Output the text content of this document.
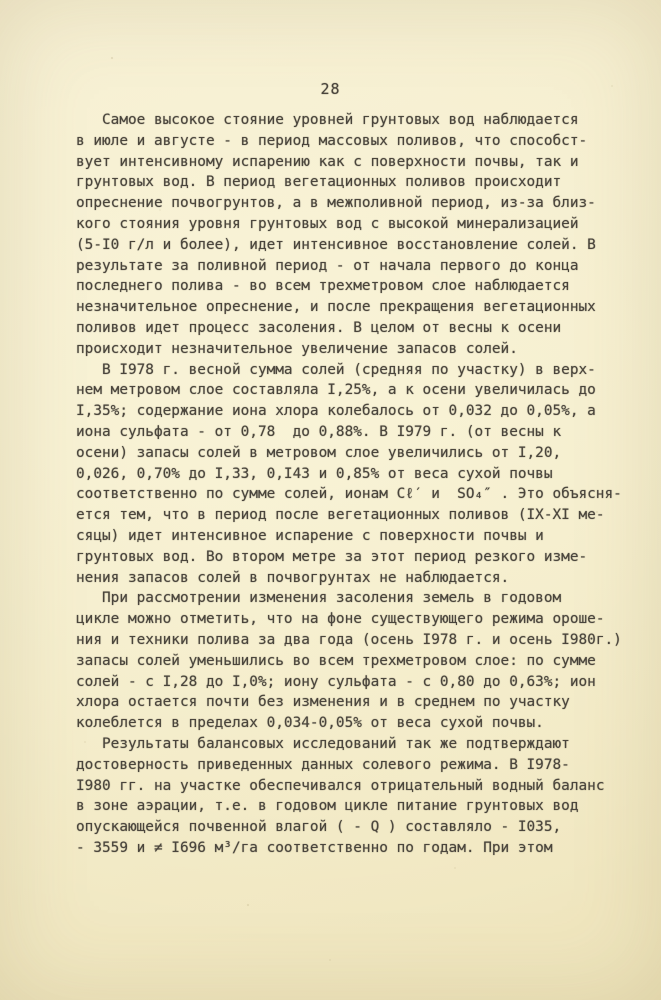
28
Самое высокое стояние уровней грунтовых вод наблюдается
в июле и августе - в период массовых поливов, что способст-
вует интенсивному испарению как с поверхности почвы, так и
грунтовых вод. В период вегетационных поливов происходит
опреснение почвогрунтов, а в межполивной период, из-за близ-
кого стояния уровня грунтовых вод с высокой минерализацией
(5-I0 г/л и более), идет интенсивное восстановление солей. В
результате за поливной период - от начала первого до конца
последнего полива - во всем трехметровом слое наблюдается
незначительное опреснение, и после прекращения вегетационных
поливов идет процесс засоления. В целом от весны к осени
происходит незначительное увеличение запасов солей.
В I978 г. весной сумма солей (средняя по участку) в верх-
нем метровом слое составляла I,25%, а к осени увеличилась до
I,35%; содержание иона хлора колебалось от 0,032 до 0,05%, а
иона сульфата - от 0,78  до 0,88%. В I979 г. (от весны к
осени) запасы солей в метровом слое увеличились от I,20,
0,026, 0,70% до I,33, 0,I43 и 0,85% от веса сухой почвы
соответственно по сумме солей, ионам Cℓ′ и  SO₄″ . Это объясня-
ется тем, что в период после вегетационных поливов (IX-XI ме-
сяцы) идет интенсивное испарение с поверхности почвы и
грунтовых вод. Во втором метре за этот период резкого изме-
нения запасов солей в почвогрунтах не наблюдается.
При рассмотрении изменения засоления земель в годовом
цикле можно отметить, что на фоне существующего режима ороше-
ния и техники полива за два года (осень I978 г. и осень I980г.)
запасы солей уменьшились во всем трехметровом слое: по сумме
солей - с I,28 до I,0%; иону сульфата - с 0,80 до 0,63%; ион
хлора остается почти без изменения и в среднем по участку
колеблется в пределах 0,034-0,05% от веса сухой почвы.
Результаты балансовых исследований так же подтверждают
достоверность приведенных данных солевого режима. В I978-
I980 гг. на участке обеспечивался отрицательный водный баланс
в зоне аэрации, т.е. в годовом цикле питание грунтовых вод
опускающейся почвенной влагой ( - Q ) составляло - I035,
- 3559 и ≠ I696 м³/га соответственно по годам. При этом
